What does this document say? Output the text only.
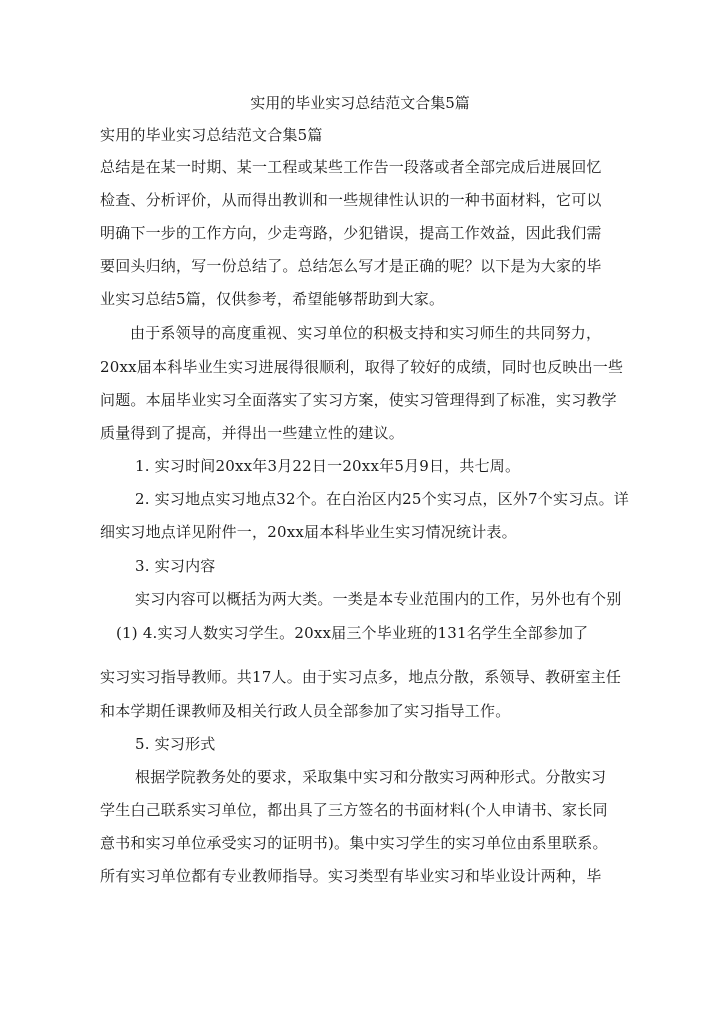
实用的毕业实习总结范文合集5篇
实用的毕业实习总结范文合集5篇
总结是在某一时期、某一工程或某些工作告一段落或者全部完成后进展回忆
检查、分析评价，从而得出教训和一些规律性认识的一种书面材料，它可以
明确下一步的工作方向，少走弯路，少犯错误，提高工作效益，因此我们需
要回头归纳，写一份总结了。总结怎么写才是正确的呢？以下是为大家的毕
业实习总结5篇，仅供参考，希望能够帮助到大家。
由于系领导的高度重视、实习单位的积极支持和实习师生的共同努力，
20xx届本科毕业生实习进展得很顺利，取得了较好的成绩，同时也反映出一些
问题。本届毕业实习全面落实了实习方案，使实习管理得到了标准，实习教学
质量得到了提高，并得出一些建立性的建议。
1. 实习时间20xx年3月22日一20xx年5月9日，共七周。
2. 实习地点实习地点32个。在白治区内25个实习点，区外7个实习点。详
细实习地点详见附件一，20xx届本科毕业生实习情况统计表。
3. 实习内容
实习内容可以概括为两大类。一类是本专业范围内的工作，另外也有个别
(1) 4.实习人数实习学生。20xx届三个毕业班的131名学生全部参加了
实习实习指导教师。共17人。由于实习点多，地点分散，系领导、教研室主任
和本学期任课教师及相关行政人员全部参加了实习指导工作。
5. 实习形式
根据学院教务处的要求，采取集中实习和分散实习两种形式。分散实习
学生白己联系实习单位，都出具了三方签名的书面材料(个人申请书、家长同
意书和实习单位承受实习的证明书)。集中实习学生的实习单位由系里联系。
所有实习单位都有专业教师指导。实习类型有毕业实习和毕业设计两种，毕
